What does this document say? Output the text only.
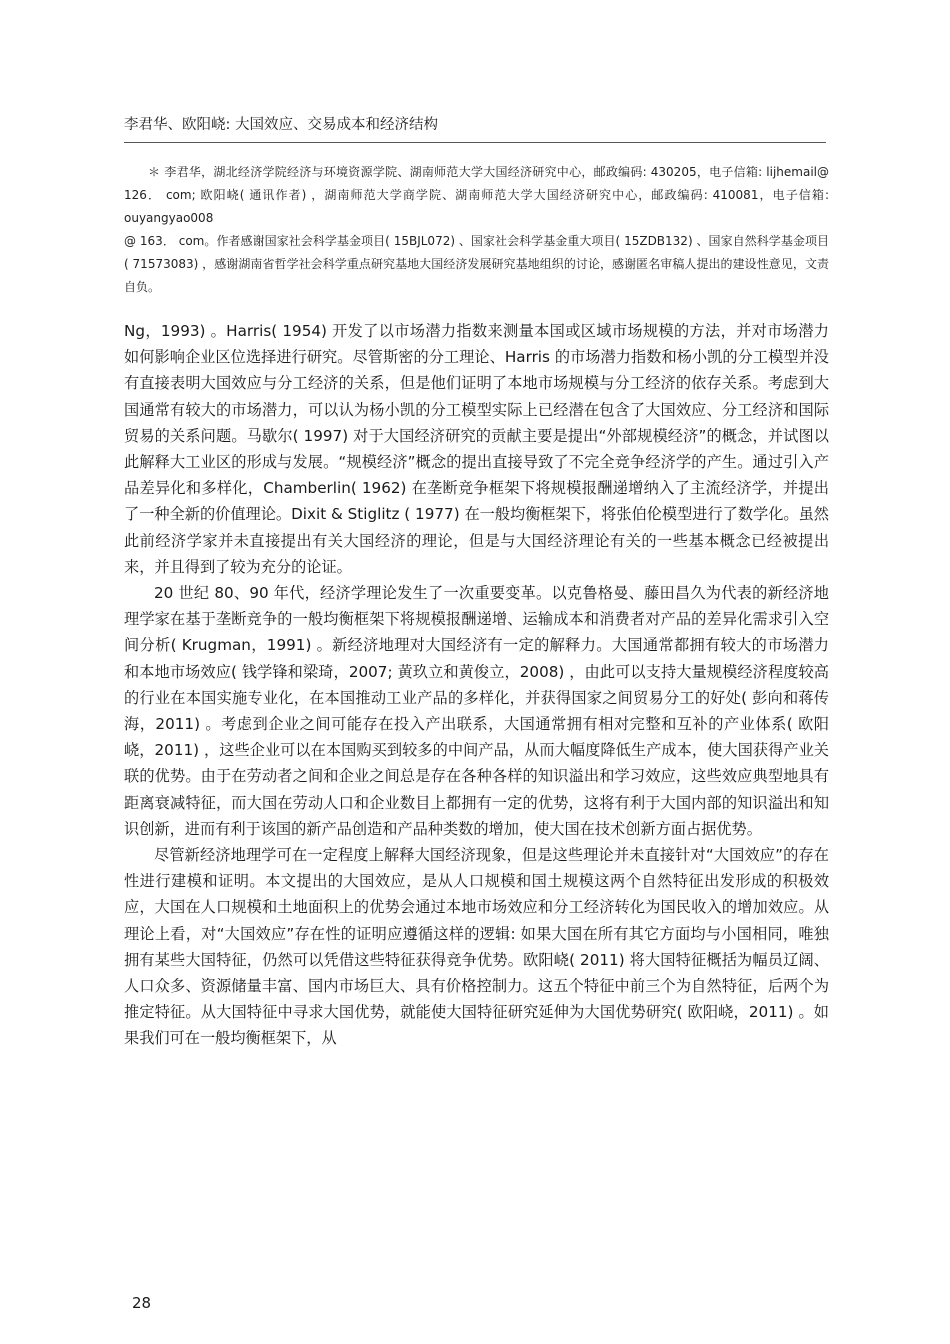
李君华、欧阳峣: 大国效应、交易成本和经济结构

＊ 李君华，湖北经济学院经济与环境资源学院、湖南师范大学大国经济研究中心，邮政编码: 430205，电子信箱: lijhemail@ 126． com; 欧阳峣( 通讯作者) ，湖南师范大学商学院、湖南师范大学大国经济研究中心，邮政编码: 410081，电子信箱: ouyangyao008

@ 163． com。作者感谢国家社会科学基金项目( 15BJL072) 、国家社会科学基金重大项目( 15ZDB132) 、国家自然科学基金项目( 71573083) ，感谢湖南省哲学社会科学重点研究基地大国经济发展研究基地组织的讨论，感谢匿名审稿人提出的建设性意见，文责自负。

Ng，1993) 。Harris( 1954) 开发了以市场潜力指数来测量本国或区域市场规模的方法，并对市场潜力如何影响企业区位选择进行研究。尽管斯密的分工理论、Harris 的市场潜力指数和杨小凯的分工模型并没有直接表明大国效应与分工经济的关系，但是他们证明了本地市场规模与分工经济的依存关系。考虑到大国通常有较大的市场潜力，可以认为杨小凯的分工模型实际上已经潜在包含了大国效应、分工经济和国际贸易的关系问题。马歇尔( 1997) 对于大国经济研究的贡献主要是提出“外部规模经济”的概念，并试图以此解释大工业区的形成与发展。“规模经济”概念的提出直接导致了不完全竞争经济学的产生。通过引入产品差异化和多样化，Chamberlin( 1962) 在垄断竞争框架下将规模报酬递增纳入了主流经济学，并提出了一种全新的价值理论。Dixit & Stiglitz ( 1977) 在一般均衡框架下，将张伯伦模型进行了数学化。虽然此前经济学家并未直接提出有关大国经济的理论，但是与大国经济理论有关的一些基本概念已经被提出来，并且得到了较为充分的论证。

20 世纪 80、90 年代，经济学理论发生了一次重要变革。以克鲁格曼、藤田昌久为代表的新经济地理学家在基于垄断竞争的一般均衡框架下将规模报酬递增、运输成本和消费者对产品的差异化需求引入空间分析( Krugman，1991) 。新经济地理对大国经济有一定的解释力。大国通常都拥有较大的市场潜力和本地市场效应( 钱学锋和梁琦，2007; 黄玖立和黄俊立，2008) ，由此可以支持大量规模经济程度较高的行业在本国实施专业化，在本国推动工业产品的多样化，并获得国家之间贸易分工的好处( 彭向和蒋传海，2011) 。考虑到企业之间可能存在投入产出联系，大国通常拥有相对完整和互补的产业体系( 欧阳峣，2011) ，这些企业可以在本国购买到较多的中间产品，从而大幅度降低生产成本，使大国获得产业关联的优势。由于在劳动者之间和企业之间总是存在各种各样的知识溢出和学习效应，这些效应典型地具有距离衰减特征，而大国在劳动人口和企业数目上都拥有一定的优势，这将有利于大国内部的知识溢出和知识创新，进而有利于该国的新产品创造和产品种类数的增加，使大国在技术创新方面占据优势。

尽管新经济地理学可在一定程度上解释大国经济现象，但是这些理论并未直接针对“大国效应”的存在性进行建模和证明。本文提出的大国效应，是从人口规模和国土规模这两个自然特征出发形成的积极效应，大国在人口规模和土地面积上的优势会通过本地市场效应和分工经济转化为国民收入的增加效应。从理论上看，对“大国效应”存在性的证明应遵循这样的逻辑: 如果大国在所有其它方面均与小国相同，唯独拥有某些大国特征，仍然可以凭借这些特征获得竞争优势。欧阳峣( 2011) 将大国特征概括为幅员辽阔、人口众多、资源储量丰富、国内市场巨大、具有价格控制力。这五个特征中前三个为自然特征，后两个为推定特征。从大国特征中寻求大国优势，就能使大国特征研究延伸为大国优势研究( 欧阳峣，2011) 。如果我们可在一般均衡框架下，从

28
